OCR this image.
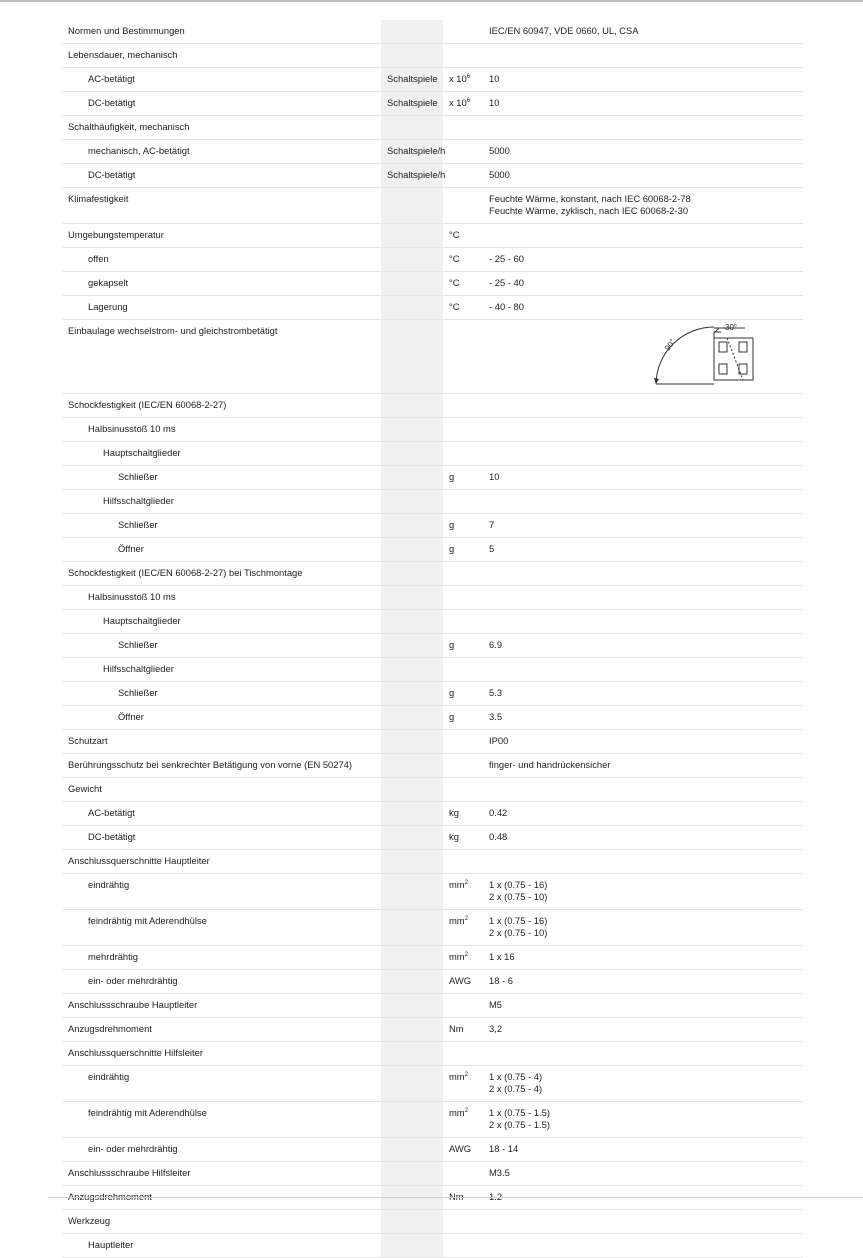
Normen und Bestimmungen			IEC/EN 60947, VDE 0660, UL, CSA

Lebensdauer, mechanisch			
AC-betätigt	Schaltspiele	x $10^6$	10

DC-betätigt	Schaltspiele	x $10^6$	10

Schalthäufigkeit, mechanisch			
mechanisch, AC-betätigt	Schaltspiele/h		5000

DC-betätigt	Schaltspiele/h		5000

Klimafestigkeit			Feuchte Wärme, konstant, nach IEC 60068-2-78
Feuchte Wärme, zyklisch, nach IEC 60068-2-30

Umgebungstemperatur		°C	
offen		°C	- 25 - 60

gekapselt		°C	- 25 - 40

Lagerung		°C	- 40 - 80

Einbaulage wechselstrom- und gleichstrombetätigt			30°
90°

Schockfestigkeit (IEC/EN 60068-2-27)			
Halbsinusstoß 10 ms			
Hauptschaltglieder			
Schließer		g	10

Hilfsschaltglieder			
Schließer		g	7

Öffner		g	5

Schockfestigkeit (IEC/EN 60068-2-27) bei Tischmontage			
Halbsinusstoß 10 ms			
Hauptschaltglieder			
Schließer		g	6.9

Hilfsschaltglieder			
Schließer		g	5.3

Öffner		g	3.5

Schutzart			IP00

Berührungsschutz bei senkrechter Betätigung von vorne (EN 50274)			finger- und handrückensicher

Gewicht			
AC-betätigt		kg	0.42

DC-betätigt		kg	0.48

Anschlussquerschnitte Hauptleiter			
eindrähtig		$mm^2$	1 x (0.75 - 16)
2 x (0.75 - 10)

feindrähtig mit Aderendhülse		$mm^2$	1 x (0.75 - 16)
2 x (0.75 - 10)

mehrdrähtig		$mm^2$	1 x 16

ein- oder mehrdrähtig		AWG	18 - 6

Anschlussschraube Hauptleiter			M5

Anzugsdrehmoment		Nm	3,2

Anschlussquerschnitte Hilfsleiter			
eindrähtig		$mm^2$	1 x (0.75 - 4)
2 x (0.75 - 4)

feindrähtig mit Aderendhülse		$mm^2$	1 x (0.75 - 1.5)
2 x (0.75 - 1.5)

ein- oder mehrdrähtig		AWG	18 - 14

Anschlussschraube Hilfsleiter			M3.5

Werkzeug			
Hauptleiter			
